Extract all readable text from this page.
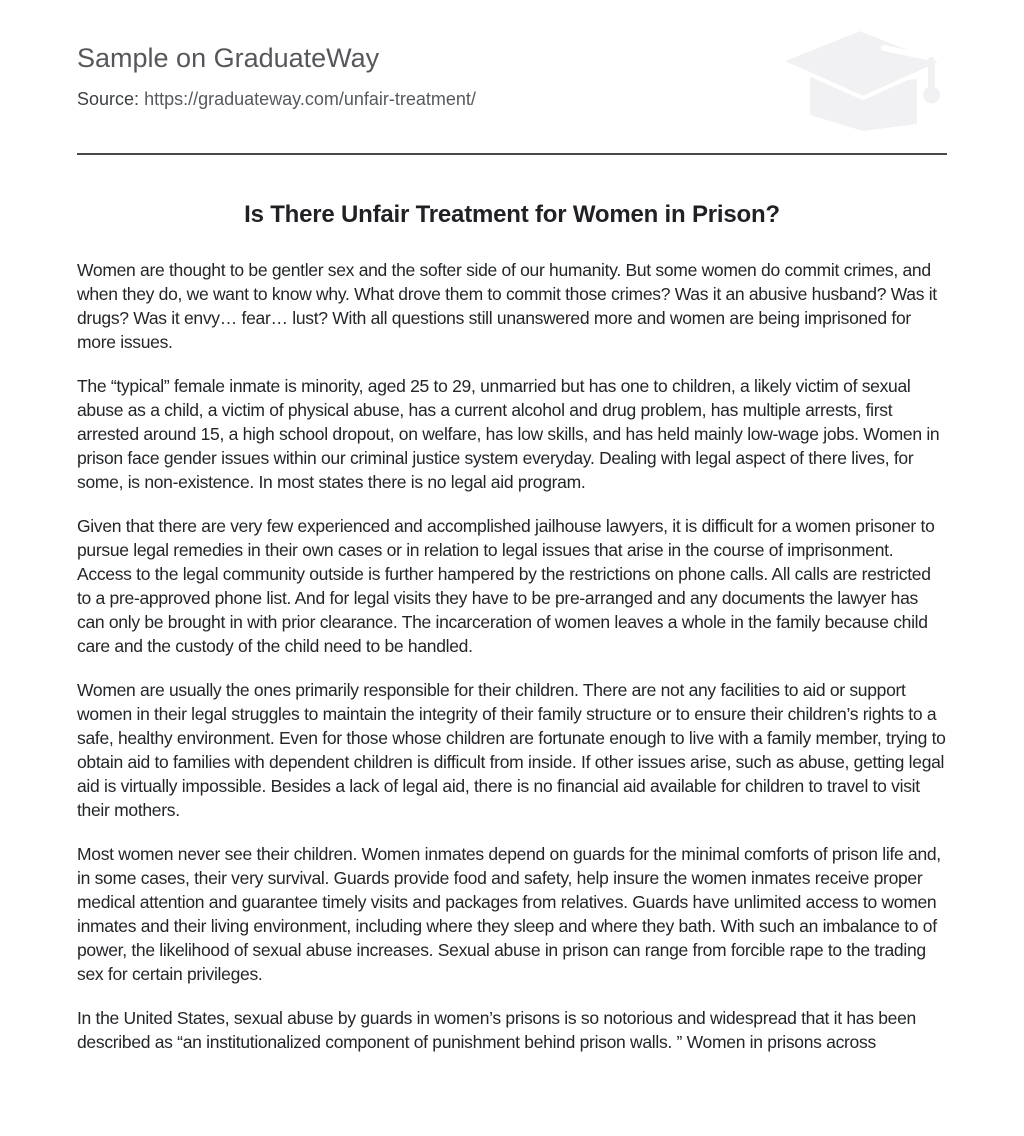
Sample on GraduateWay
Source: https://graduateway.com/unfair-treatment/
Is There Unfair Treatment for Women in Prison?

Women are thought to be gentler sex and the softer side of our humanity. But some women do commit crimes, and when they do, we want to know why. What drove them to commit those crimes? Was it an abusive husband? Was it drugs? Was it envy… fear… lust? With all questions still unanswered more and women are being imprisoned for more issues.

The “typical” female inmate is minority, aged 25 to 29, unmarried but has one to children, a likely victim of sexual abuse as a child, a victim of physical abuse, has a current alcohol and drug problem, has multiple arrests, first arrested around 15, a high school dropout, on welfare, has low skills, and has held mainly low-wage jobs. Women in prison face gender issues within our criminal justice system everyday. Dealing with legal aspect of there lives, for some, is non-existence. In most states there is no legal aid program.

Given that there are very few experienced and accomplished jailhouse lawyers, it is difficult for a women prisoner to pursue legal remedies in their own cases or in relation to legal issues that arise in the course of imprisonment. Access to the legal community outside is further hampered by the restrictions on phone calls. All calls are restricted to a pre-approved phone list. And for legal visits they have to be pre-arranged and any documents the lawyer has can only be brought in with prior clearance. The incarceration of women leaves a whole in the family because child care and the custody of the child need to be handled.

Women are usually the ones primarily responsible for their children. There are not any facilities to aid or support women in their legal struggles to maintain the integrity of their family structure or to ensure their children’s rights to a safe, healthy environment. Even for those whose children are fortunate enough to live with a family member, trying to obtain aid to families with dependent children is difficult from inside. If other issues arise, such as abuse, getting legal aid is virtually impossible. Besides a lack of legal aid, there is no financial aid available for children to travel to visit their mothers.

Most women never see their children. Women inmates depend on guards for the minimal comforts of prison life and, in some cases, their very survival. Guards provide food and safety, help insure the women inmates receive proper medical attention and guarantee timely visits and packages from relatives. Guards have unlimited access to women inmates and their living environment, including where they sleep and where they bath. With such an imbalance to of power, the likelihood of sexual abuse increases. Sexual abuse in prison can range from forcible rape to the trading sex for certain privileges.

In the United States, sexual abuse by guards in women’s prisons is so notorious and widespread that it has been described as “an institutionalized component of punishment behind prison walls. ” Women in prisons across
